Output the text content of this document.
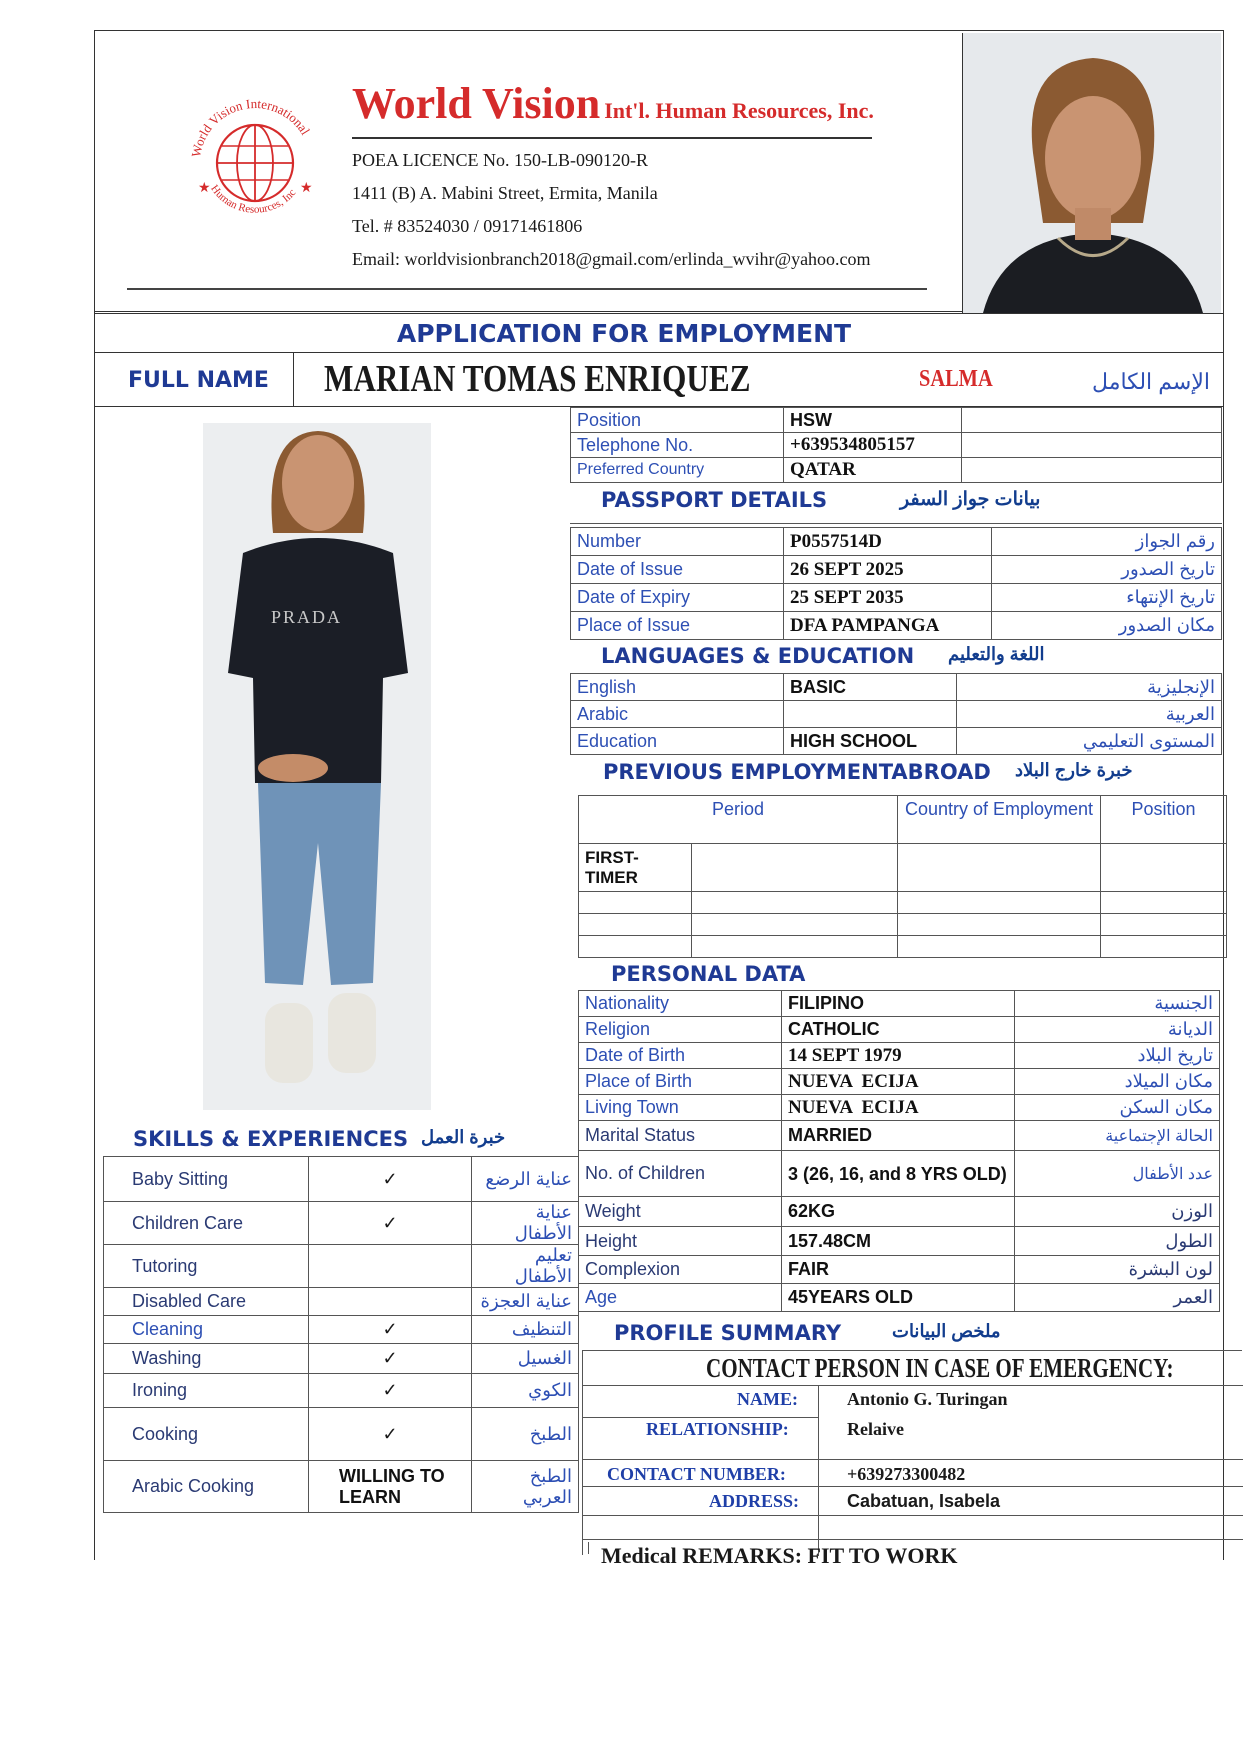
World Vision International
Human Resources, Inc
★	★
World Vision Int'l. Human Resources, Inc.
POEA LICENCE No. 150-LB-090120-R
1411 (B) A. Mabini Street, Ermita, Manila
Tel. # 83524030 / 09171461806
Email: worldvisionbranch2018@gmail.com/erlinda_wvihr@yahoo.com
APPLICATION FOR EMPLOYMENT
FULL NAME MARIAN TOMAS ENRIQUEZ	SALMA	الإسم الكامل
PRADA
Position	HSW	
Telephone No.	+639534805157	
Preferred Country	QATAR	
PASSPORT DETAILS	بيانات جواز السفر
Number	P0557514D	رقم الجواز
Date of Issue	26 SEPT 2025	تاريخ الصدور
Date of Expiry	25 SEPT 2035	تاريخ الإنتهاء
Place of Issue	DFA PAMPANGA	مكان الصدور
LANGUAGES & EDUCATION اللغة والتعليم
English	BASIC	الإنجليزية
Arabic		العربية
Education	HIGH SCHOOL	المستوى التعليمي
PREVIOUS EMPLOYMENTABROAD خبرة خارج البلاد
Period		Country of Employment	Position
FIRST-TIMER			

PERSONAL DATA
Nationality	FILIPINO	الجنسية
Religion	CATHOLIC	الديانة
Date of Birth	14 SEPT 1979	تاريخ البلاد
Place of Birth	NUEVA  ECIJA	مكان الميلاد
Living Town	NUEVA  ECIJA	مكان السكن
Marital Status	MARRIED	الحالة الإجتماعية
No. of Children	3 (26, 16, and 8 YRS OLD)	عدد الأطفال
Weight	62KG	الوزن
Height	157.48CM	الطول
Complexion	FAIR	لون البشرة
Age	45YEARS OLD	العمر
SKILLS & EXPERIENCES خبرة العمل
Baby Sitting	✓	عناية الرضع
Children Care	✓	عناية الأطفال
Tutoring		تعليم الأطفال
Disabled Care		عناية العجزة
Cleaning	✓	التنظيف
Washing	✓	الغسيل
Ironing	✓	الكوي
Cooking	✓	الطبخ
Arabic Cooking	WILLING TO LEARN	الطبخ العربي
PROFILE SUMMARY	ملخص البيانات
CONTACT PERSON IN CASE OF EMERGENCY:
NAME:	Antonio G. Turingan
RELATIONSHIP:	Relaive
CONTACT NUMBER:	+639273300482
ADDRESS:	Cabatuan, Isabela
Medical REMARKS: FIT TO WORK
